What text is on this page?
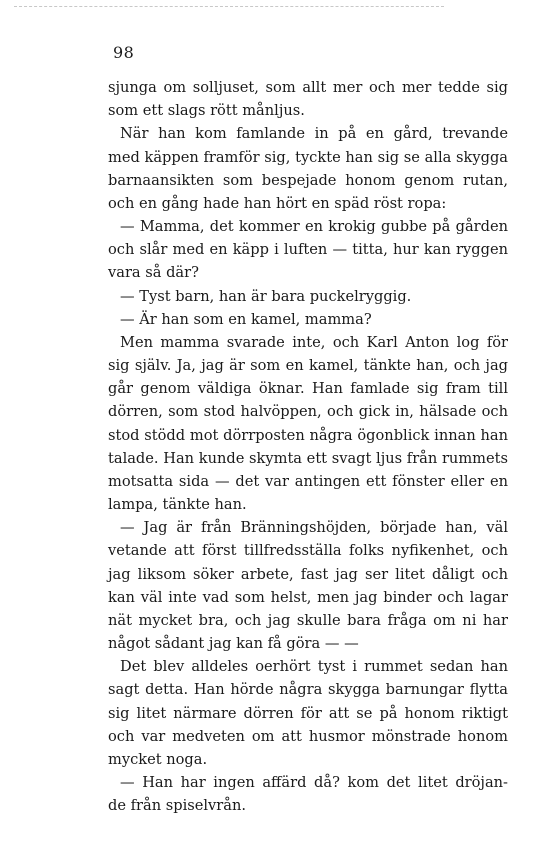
98
sjunga om solljuset, som allt mer och mer tedde sig
som ett slags rött månljus.
När han kom famlande in på en gård, trevande
med käppen framför sig, tyckte han sig se alla skygga
barnaansikten som bespejade honom genom rutan,
och en gång hade han hört en späd röst ropa:
— Mamma, det kommer en krokig gubbe på gården
och slår med en käpp i luften — titta, hur kan ryggen
vara så där?
— Tyst barn, han är bara puckelryggig.
— Är han som en kamel, mamma?
Men mamma svarade inte, och Karl Anton log för
sig själv. Ja, jag är som en kamel, tänkte han, och jag
går genom väldiga öknar. Han famlade sig fram till
dörren, som stod halvöppen, och gick in, hälsade och
stod stödd mot dörrposten några ögonblick innan han
talade. Han kunde skymta ett svagt ljus från rummets
motsatta sida — det var antingen ett fönster eller en
lampa, tänkte han.
— Jag är från Bränningshöjden, började han, väl
vetande att först tillfredsställa folks nyfikenhet, och
jag liksom söker arbete, fast jag ser litet dåligt och
kan väl inte vad som helst, men jag binder och lagar
nät mycket bra, och jag skulle bara fråga om ni har
något sådant jag kan få göra — —
Det blev alldeles oerhört tyst i rummet sedan han
sagt detta. Han hörde några skygga barnungar flytta
sig litet närmare dörren för att se på honom riktigt
och var medveten om att husmor mönstrade honom
mycket noga.
— Han har ingen affärd då? kom det litet dröjan-
de från spiselvrån.
